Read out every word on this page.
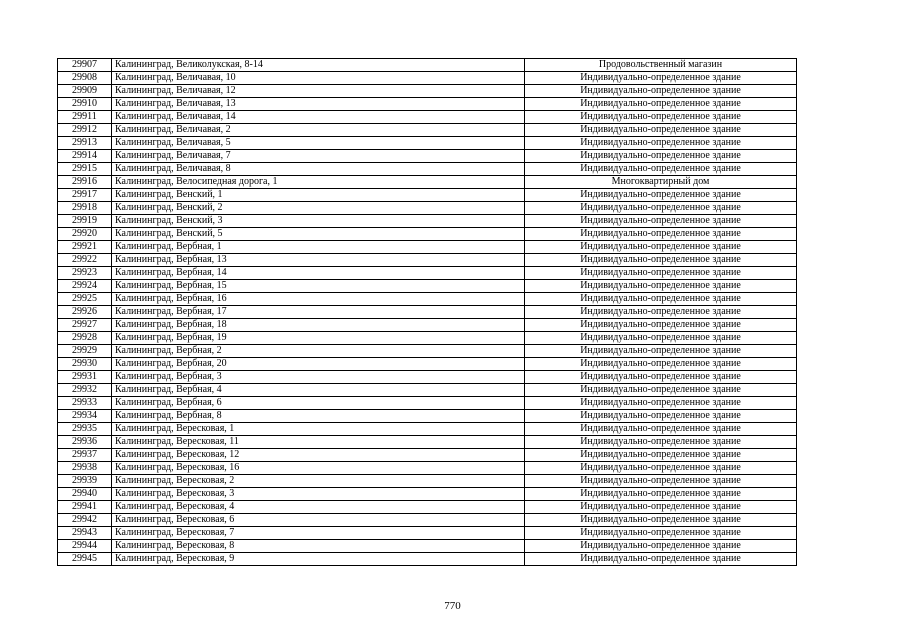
29907	Калининград, Великолукская, 8-14	Продовольственный магазин
29908	Калининград, Величавая, 10	Индивидуально-определенное здание
29909	Калининград, Величавая, 12	Индивидуально-определенное здание
29910	Калининград, Величавая, 13	Индивидуально-определенное здание
29911	Калининград, Величавая, 14	Индивидуально-определенное здание
29912	Калининград, Величавая, 2	Индивидуально-определенное здание
29913	Калининград, Величавая, 5	Индивидуально-определенное здание
29914	Калининград, Величавая, 7	Индивидуально-определенное здание
29915	Калининград, Величавая, 8	Индивидуально-определенное здание
29916	Калининград, Велосипедная дорога, 1	Многоквартирный дом
29917	Калининград, Венский, 1	Индивидуально-определенное здание
29918	Калининград, Венский, 2	Индивидуально-определенное здание
29919	Калининград, Венский, 3	Индивидуально-определенное здание
29920	Калининград, Венский, 5	Индивидуально-определенное здание
29921	Калининград, Вербная, 1	Индивидуально-определенное здание
29922	Калининград, Вербная, 13	Индивидуально-определенное здание
29923	Калининград, Вербная, 14	Индивидуально-определенное здание
29924	Калининград, Вербная, 15	Индивидуально-определенное здание
29925	Калининград, Вербная, 16	Индивидуально-определенное здание
29926	Калининград, Вербная, 17	Индивидуально-определенное здание
29927	Калининград, Вербная, 18	Индивидуально-определенное здание
29928	Калининград, Вербная, 19	Индивидуально-определенное здание
29929	Калининград, Вербная, 2	Индивидуально-определенное здание
29930	Калининград, Вербная, 20	Индивидуально-определенное здание
29931	Калининград, Вербная, 3	Индивидуально-определенное здание
29932	Калининград, Вербная, 4	Индивидуально-определенное здание
29933	Калининград, Вербная, 6	Индивидуально-определенное здание
29934	Калининград, Вербная, 8	Индивидуально-определенное здание
29935	Калининград, Вересковая, 1	Индивидуально-определенное здание
29936	Калининград, Вересковая, 11	Индивидуально-определенное здание
29937	Калининград, Вересковая, 12	Индивидуально-определенное здание
29938	Калининград, Вересковая, 16	Индивидуально-определенное здание
29939	Калининград, Вересковая, 2	Индивидуально-определенное здание
29940	Калининград, Вересковая, 3	Индивидуально-определенное здание
29941	Калининград, Вересковая, 4	Индивидуально-определенное здание
29942	Калининград, Вересковая, 6	Индивидуально-определенное здание
29943	Калининград, Вересковая, 7	Индивидуально-определенное здание
29944	Калининград, Вересковая, 8	Индивидуально-определенное здание
29945	Калининград, Вересковая, 9	Индивидуально-определенное здание
770
